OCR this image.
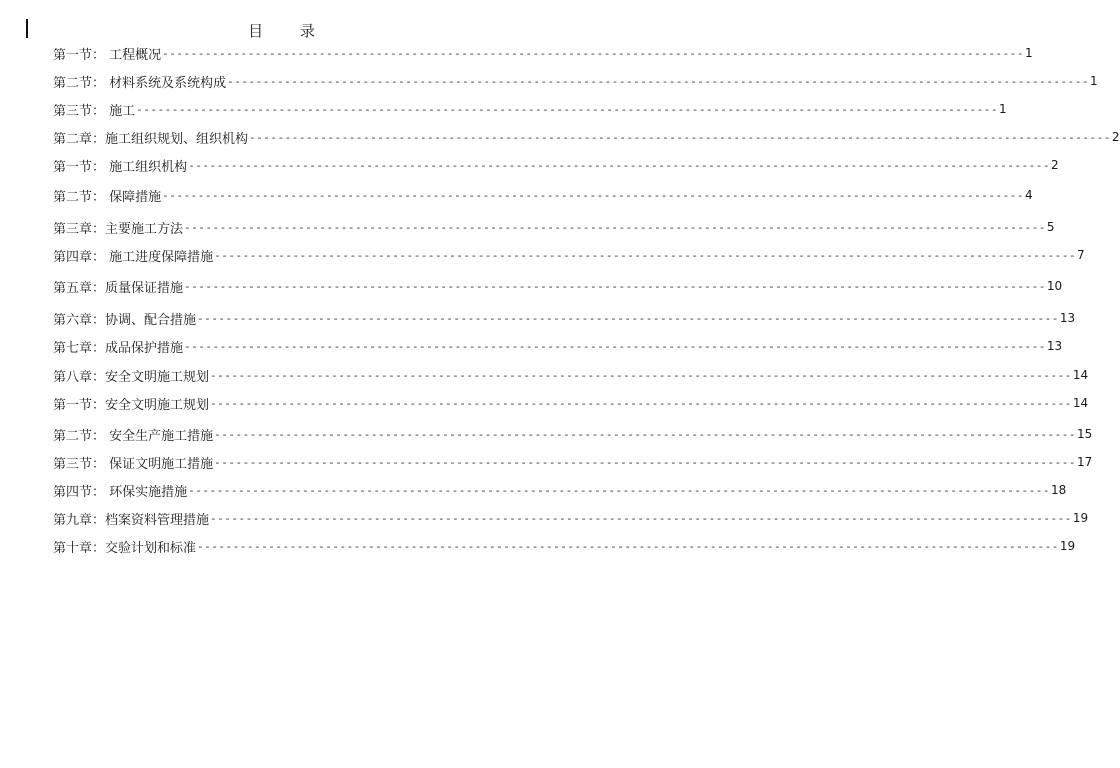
目 录
第一节： 工程概况 ------------------------------------------------------------------------------------------------------------------------- 1
第二节： 材料系统及系统构成 ------------------------------------------------------------------------------------------------------------------------- 1
第三节： 施工 ------------------------------------------------------------------------------------------------------------------------- 1
第二章：施工组织规划、组织机构 ------------------------------------------------------------------------------------------------------------------------- 2
第一节： 施工组织机构 ------------------------------------------------------------------------------------------------------------------------- 2
第二节： 保障措施 ------------------------------------------------------------------------------------------------------------------------- 4
第三章：主要施工方法 ------------------------------------------------------------------------------------------------------------------------- 5
第四章： 施工进度保障措施 ------------------------------------------------------------------------------------------------------------------------- 7
第五章：质量保证措施 ------------------------------------------------------------------------------------------------------------------------- 10
第六章：协调、配合措施 ------------------------------------------------------------------------------------------------------------------------- 13
第七章：成品保护措施 ------------------------------------------------------------------------------------------------------------------------- 13
第八章：安全文明施工规划 ------------------------------------------------------------------------------------------------------------------------- 14
第一节：安全文明施工规划 ------------------------------------------------------------------------------------------------------------------------- 14
第二节： 安全生产施工措施 ------------------------------------------------------------------------------------------------------------------------- 15
第三节： 保证文明施工措施 ------------------------------------------------------------------------------------------------------------------------- 17
第四节： 环保实施措施 ------------------------------------------------------------------------------------------------------------------------- 18
第九章：档案资料管理措施 ------------------------------------------------------------------------------------------------------------------------- 19
第十章：交验计划和标准 ------------------------------------------------------------------------------------------------------------------------- 19
